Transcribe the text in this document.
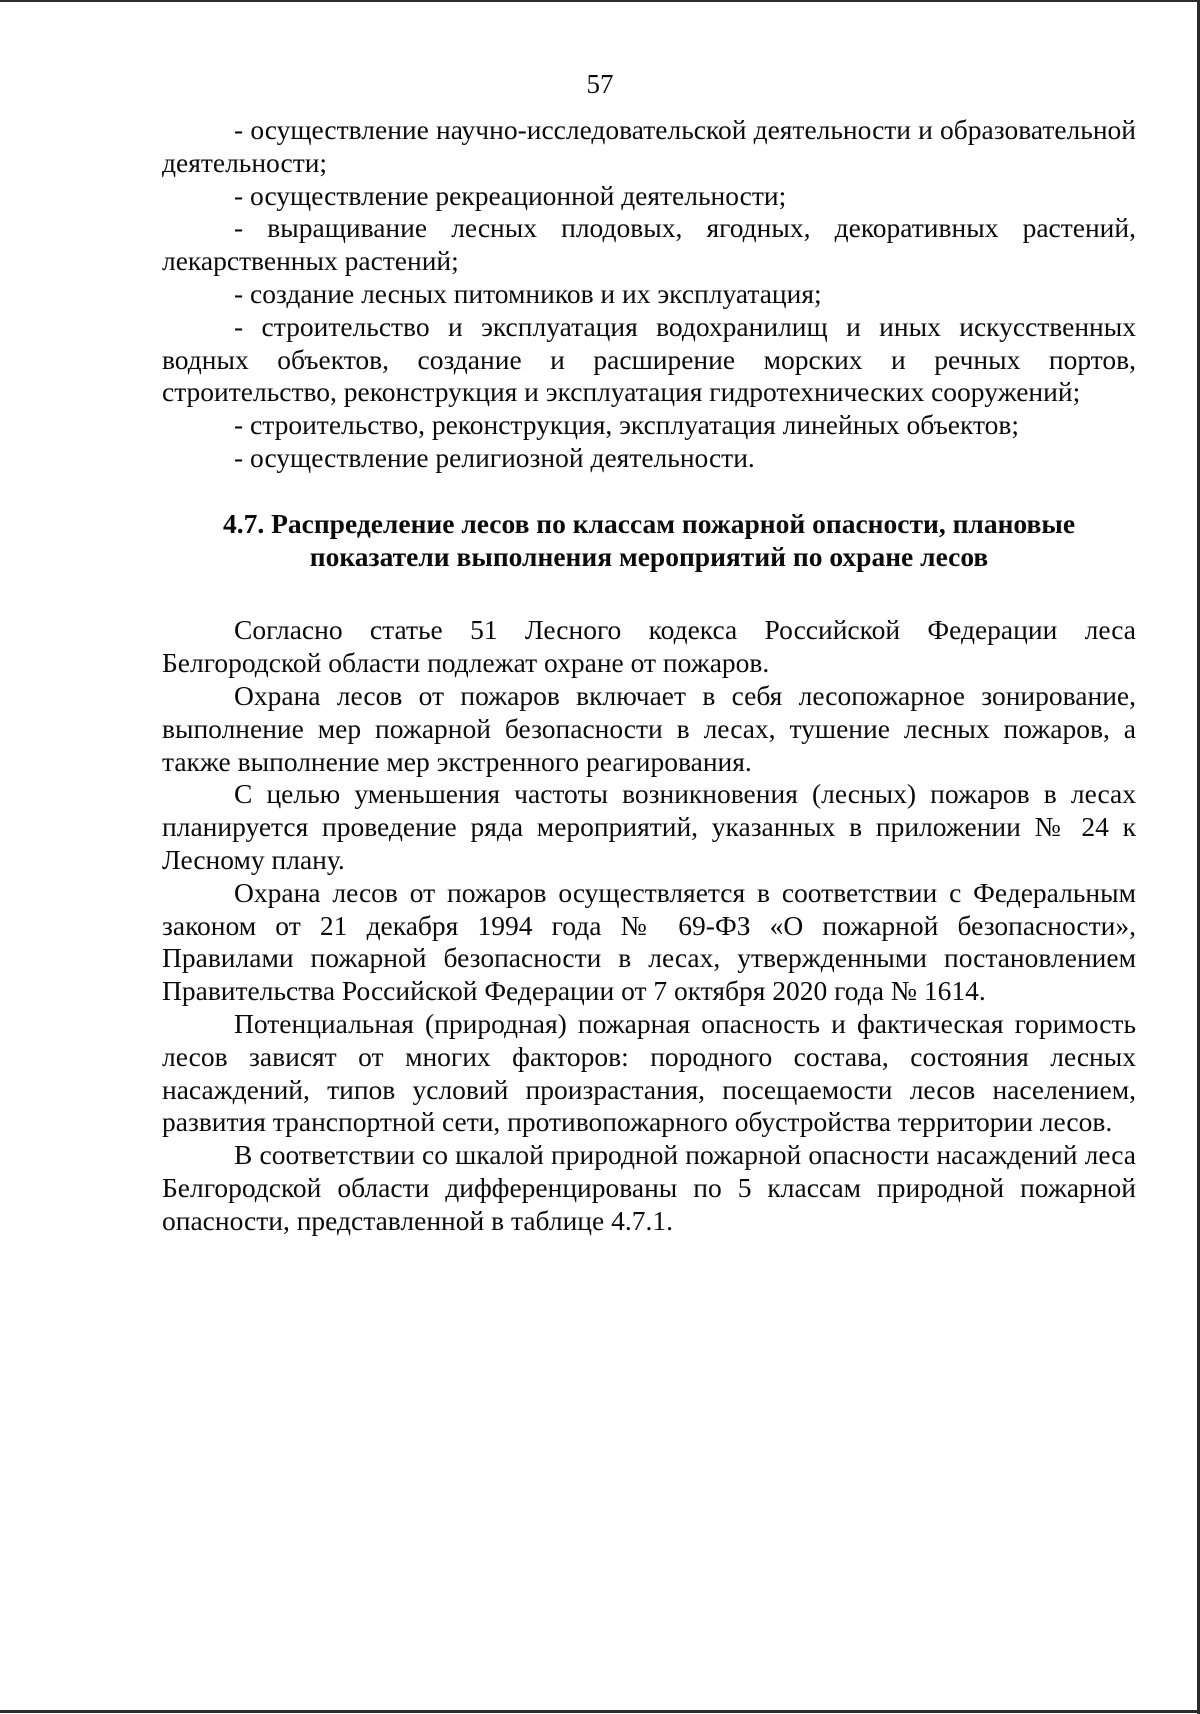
57

- осуществление научно-исследовательской деятельности и образовательной деятельности;

- осуществление рекреационной деятельности;

- выращивание лесных плодовых, ягодных, декоративных растений, лекарственных растений;

- создание лесных питомников и их эксплуатация;

- строительство и эксплуатация водохранилищ и иных искусственных водных объектов, создание и расширение морских и речных портов, строительство, реконструкция и эксплуатация гидротехнических сооружений;

- строительство, реконструкция, эксплуатация линейных объектов;

- осуществление религиозной деятельности.

4.7. Распределение лесов по классам пожарной опасности, плановые
показатели выполнения мероприятий по охране лесов

Согласно статье 51 Лесного кодекса Российской Федерации леса Белгородской области подлежат охране от пожаров.

Охрана лесов от пожаров включает в себя лесопожарное зонирование, выполнение мер пожарной безопасности в лесах, тушение лесных пожаров, а также выполнение мер экстренного реагирования.

С целью уменьшения частоты возникновения (лесных) пожаров в лесах планируется проведение ряда мероприятий, указанных в приложении № 24 к Лесному плану.

Охрана лесов от пожаров осуществляется в соответствии с Федеральным законом от 21 декабря 1994 года № 69-ФЗ «О пожарной безопасности», Правилами пожарной безопасности в лесах, утвержденными постановлением Правительства Российской Федерации от 7 октября 2020 года № 1614.

Потенциальная (природная) пожарная опасность и фактическая горимость лесов зависят от многих факторов: породного состава, состояния лесных насаждений, типов условий произрастания, посещаемости лесов населением, развития транспортной сети, противопожарного обустройства территории лесов.

В соответствии со шкалой природной пожарной опасности насаждений леса Белгородской области дифференцированы по 5 классам природной пожарной опасности, представленной в таблице 4.7.1.
